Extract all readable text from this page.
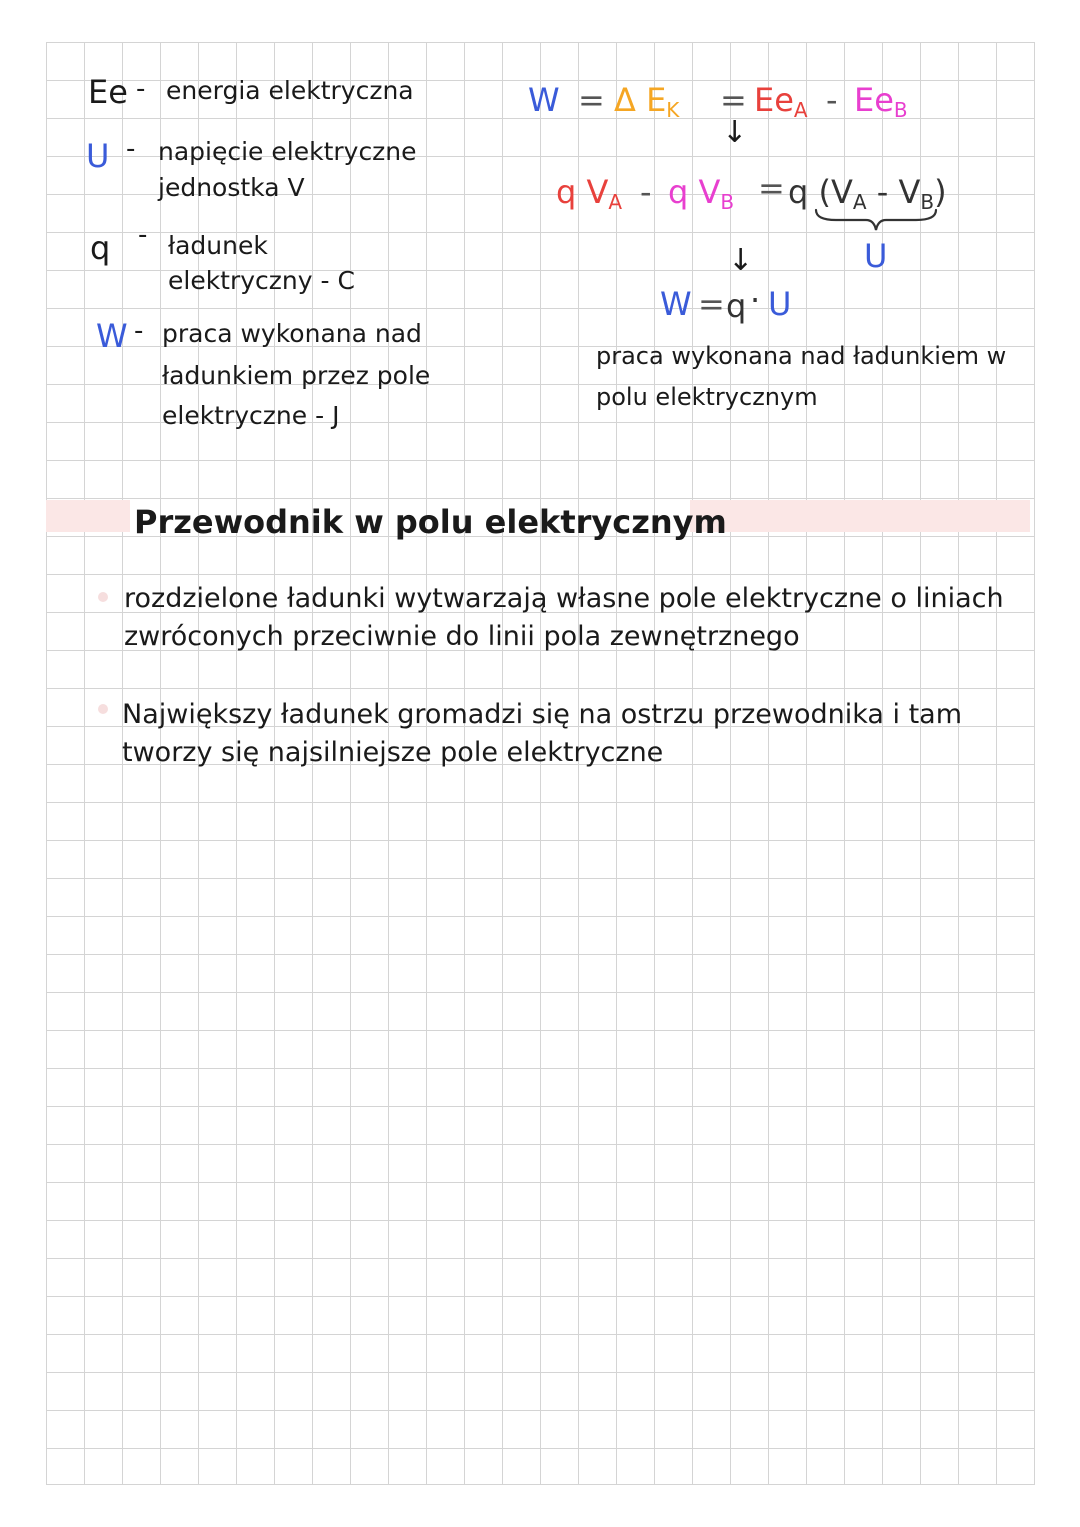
Ee - energia elektryczna
U - napięcie elektryczne
jednostka V
q - ładunek
elektryczny - C
W - praca wykonana nad
ładunkiem przez pole
elektryczne - J
W = Δ $E_K = Ee_A - Ee_B$
↓
q $V_A$ - q $V_B = q$ $(V_A - V_B)$
U
↓
W = q · U
praca wykonana nad ładunkiem w
polu elektrycznym
Przewodnik w polu elektrycznym
rozdzielone ładunki wytwarzają własne pole elektryczne o liniach zwróconych przeciwnie do linii pola zewnętrznego
Największy ładunek gromadzi się na ostrzu przewodnika i tam tworzy się najsilniejsze pole elektryczne
